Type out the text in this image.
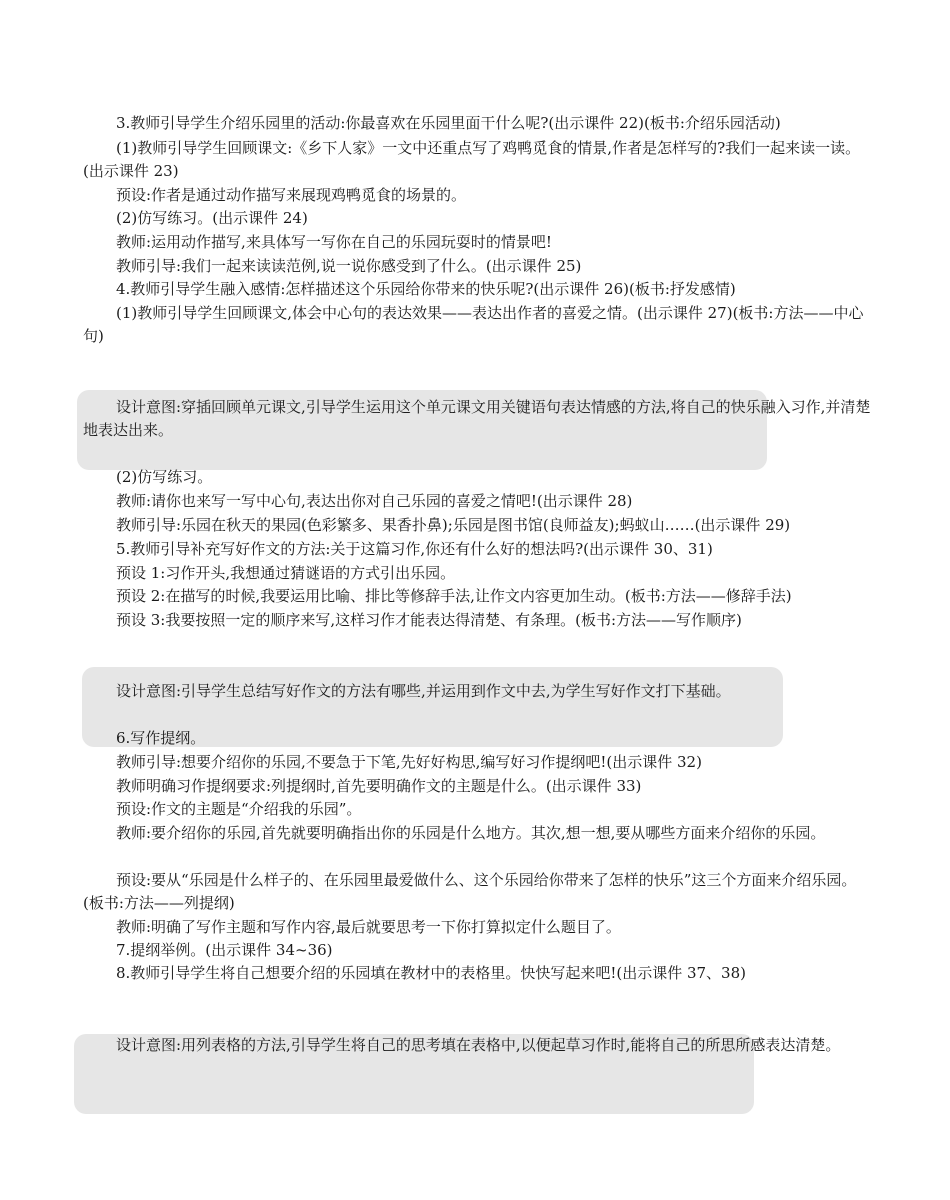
3.教师引导学生介绍乐园里的活动:你最喜欢在乐园里面干什么呢?(出示课件 22)(板书:介绍乐园活动)
(1)教师引导学生回顾课文:《乡下人家》一文中还重点写了鸡鸭觅食的情景,作者是怎样写的?我们一起来读一读。(出示课件 23)
预设:作者是通过动作描写来展现鸡鸭觅食的场景的。
(2)仿写练习。(出示课件 24)
教师:运用动作描写,来具体写一写你在自己的乐园玩耍时的情景吧!
教师引导:我们一起来读读范例,说一说你感受到了什么。(出示课件 25)
4.教师引导学生融入感情:怎样描述这个乐园给你带来的快乐呢?(出示课件 26)(板书:抒发感情)
(1)教师引导学生回顾课文,体会中心句的表达效果——表达出作者的喜爱之情。(出示课件 27)(板书:方法——中心句)
设计意图:穿插回顾单元课文,引导学生运用这个单元课文用关键语句表达情感的方法,将自己的快乐融入习作,并清楚地表达出来。
(2)仿写练习。
教师:请你也来写一写中心句,表达出你对自己乐园的喜爱之情吧!(出示课件 28)
教师引导:乐园在秋天的果园(色彩繁多、果香扑鼻);乐园是图书馆(良师益友);蚂蚁山……(出示课件 29)
5.教师引导补充写好作文的方法:关于这篇习作,你还有什么好的想法吗?(出示课件 30、31)
预设 1:习作开头,我想通过猜谜语的方式引出乐园。
预设 2:在描写的时候,我要运用比喻、排比等修辞手法,让作文内容更加生动。(板书:方法——修辞手法)
预设 3:我要按照一定的顺序来写,这样习作才能表达得清楚、有条理。(板书:方法——写作顺序)
设计意图:引导学生总结写好作文的方法有哪些,并运用到作文中去,为学生写好作文打下基础。
6.写作提纲。
教师引导:想要介绍你的乐园,不要急于下笔,先好好构思,编写好习作提纲吧!(出示课件 32)
教师明确习作提纲要求:列提纲时,首先要明确作文的主题是什么。(出示课件 33)
预设:作文的主题是“介绍我的乐园”。
教师:要介绍你的乐园,首先就要明确指出你的乐园是什么地方。其次,想一想,要从哪些方面来介绍你的乐园。
预设:要从“乐园是什么样子的、在乐园里最爱做什么、这个乐园给你带来了怎样的快乐”这三个方面来介绍乐园。(板书:方法——列提纲)
教师:明确了写作主题和写作内容,最后就要思考一下你打算拟定什么题目了。
7.提纲举例。(出示课件 34~36)
8.教师引导学生将自己想要介绍的乐园填在教材中的表格里。快快写起来吧!(出示课件 37、38)
设计意图:用列表格的方法,引导学生将自己的思考填在表格中,以便起草习作时,能将自己的所思所感表达清楚。
